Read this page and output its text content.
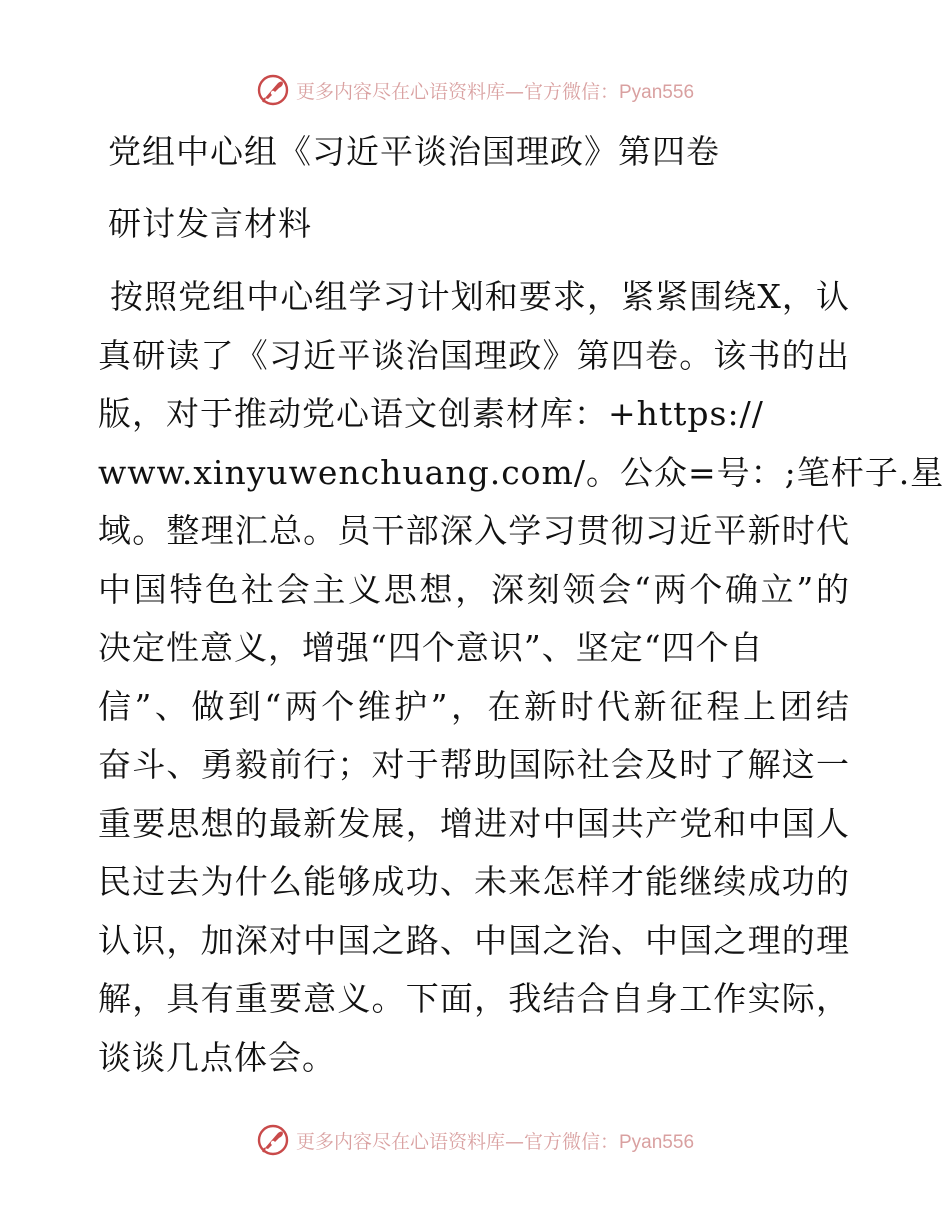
更多内容尽在心语资料库—官方微信：Pyan556
党组中心组《习近平谈治国理政》第四卷
研讨发言材料
按照党组中心组学习计划和要求，紧紧围绕X，认
真研读了《习近平谈治国理政》第四卷。该书的出
版，对于推动党心语文创素材库：+https://
www.xinyuwenchuang.com/。公众=号：;笔杆子.星
域。整理汇总。员干部深入学习贯彻习近平新时代
中国特色社会主义思想，深刻领会“两个确立”的
决定性意义，增强“四个意识”、坚定“四个自
信”、做到“两个维护”，在新时代新征程上团结
奋斗、勇毅前行；对于帮助国际社会及时了解这一
重要思想的最新发展，增进对中国共产党和中国人
民过去为什么能够成功、未来怎样才能继续成功的
认识，加深对中国之路、中国之治、中国之理的理
解，具有重要意义。下面，我结合自身工作实际，
谈谈几点体会。
更多内容尽在心语资料库—官方微信：Pyan556
